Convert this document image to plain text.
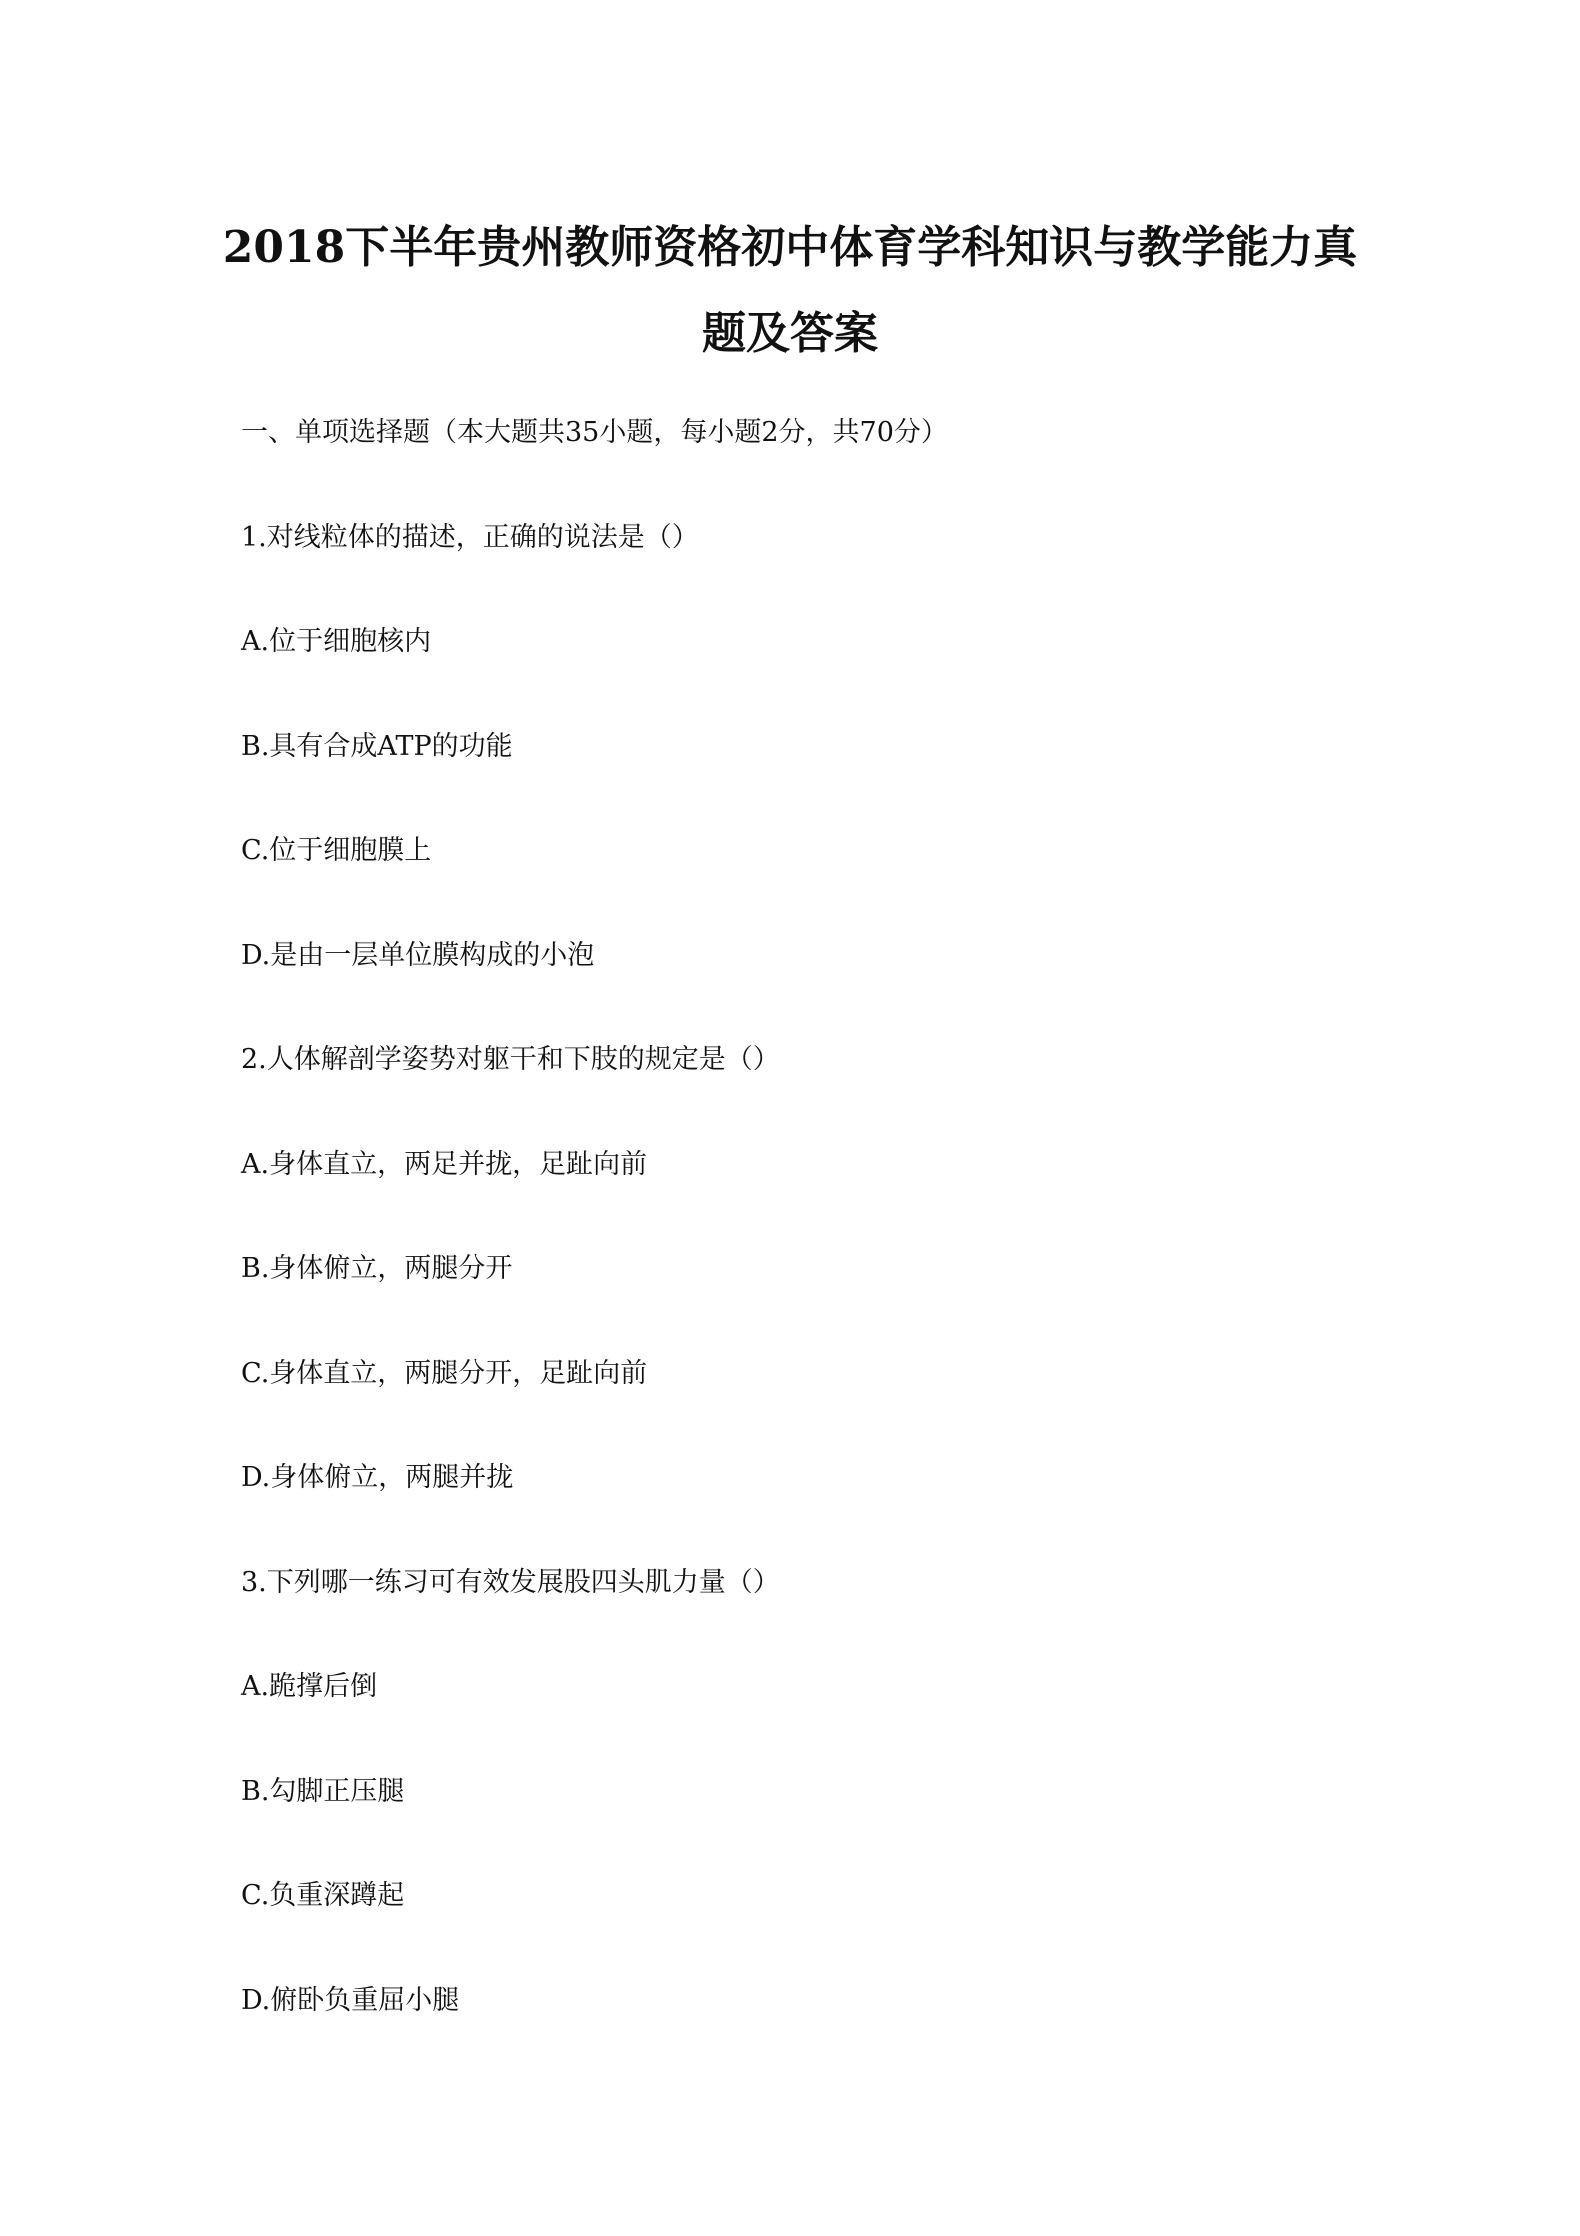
2018下半年贵州教师资格初中体育学科知识与教学能力真
题及答案

一、单项选择题（本大题共35小题，每小题2分，共70分）

1.对线粒体的描述，正确的说法是（）

A.位于细胞核内

B.具有合成ATP的功能

C.位于细胞膜上

D.是由一层单位膜构成的小泡

2.人体解剖学姿势对躯干和下肢的规定是（）

A.身体直立，两足并拢，足趾向前

B.身体俯立，两腿分开

C.身体直立，两腿分开，足趾向前

D.身体俯立，两腿并拢

3.下列哪一练习可有效发展股四头肌力量（）

A.跪撑后倒

B.勾脚正压腿

C.负重深蹲起

D.俯卧负重屈小腿
